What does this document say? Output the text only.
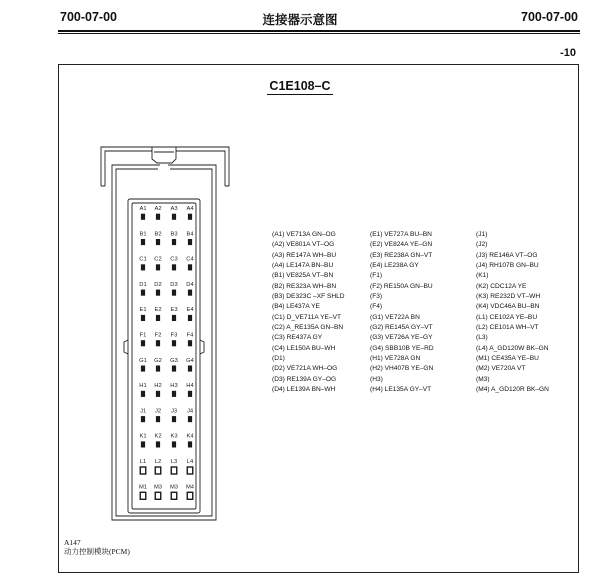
700-07-00	连接器示意图	700-07-00
-10
C1E108–C
A1 A2 A3 A4
B1 B2 B3 B4
C1 C2 C3 C4
D1 D2 D3 D4
E1 E2 E3 E4
F1 F2 F3 F4
G1 G2 G3 G4
H1 H2 H3 H4
J1 J2 J3 J4
K1 K2 K3 K4
L1 L2 L3 L4
M1 M3 M3 M4
(A1) VE713A GN–OG
(A2) VE801A VT–OG
(A3) RE147A WH–BU
(A4) LE147A BN–BU
(B1) VE825A VT–BN
(B2) RE323A WH–BN
(B3) DE323C –XF SHLD
(B4) LE437A YE
(C1) D_VE711A YE–VT
(C2) A_RE135A GN–BN
(C3) RE437A GY
(C4) LE150A BU–WH
(D1)
(D2) VE721A WH–OG
(D3) RE139A GY–OG
(D4) LE139A BN–WH
(E1) VE727A BU–BN
(E2) VE824A YE–GN
(E3) RE238A GN–VT
(E4) LE238A GY
(F1)
(F2) RE150A GN–BU
(F3)
(F4)
(G1) VE722A BN
(G2) RE145A GY–VT
(G3) VE726A YE–GY
(G4) SBB10B YE–RD
(H1) VE728A GN
(H2) VH407B YE–GN
(H3)
(H4) LE135A GY–VT
(J1)
(J2)
(J3) RE146A VT–OG
(J4) RH107B GN–BU
(K1)
(K2) CDC12A YE
(K3) RE232D VT–WH
(K4) VDC46A BU–BN
(L1) CE102A YE–BU
(L2) CE101A WH–VT
(L3)
(L4) A_GD120W BK–GN
(M1) CE435A YE–BU
(M2) VE720A VT
(M3)
(M4) A_GD120R BK–GN
A147
动力控制模块(PCM)
